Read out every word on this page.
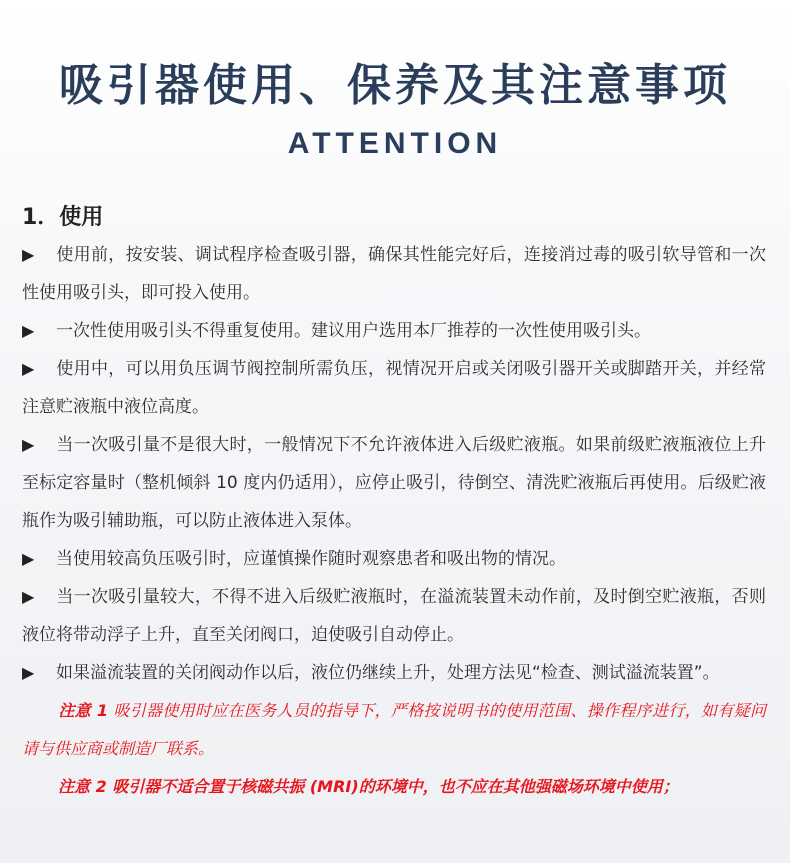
吸引器使用、保养及其注意事项
ATTENTION
1．使用
▶ 使用前，按安装、调试程序检查吸引器，确保其性能完好后，连接消过毒的吸引软导管和一次性使用吸引头，即可投入使用。
▶ 一次性使用吸引头不得重复使用。建议用户选用本厂推荐的一次性使用吸引头。
▶ 使用中，可以用负压调节阀控制所需负压，视情况开启或关闭吸引器开关或脚踏开关，并经常注意贮液瓶中液位高度。
▶ 当一次吸引量不是很大时，一般情况下不允许液体进入后级贮液瓶。如果前级贮液瓶液位上升至标定容量时（整机倾斜 10 度内仍适用），应停止吸引，待倒空、清洗贮液瓶后再使用。后级贮液瓶作为吸引辅助瓶，可以防止液体进入泵体。
▶ 当使用较高负压吸引时，应谨慎操作随时观察患者和吸出物的情况。
▶ 当一次吸引量较大，不得不进入后级贮液瓶时，在溢流装置未动作前，及时倒空贮液瓶，否则液位将带动浮子上升，直至关闭阀口，迫使吸引自动停止。
▶ 如果溢流装置的关闭阀动作以后，液位仍继续上升，处理方法见“检查、测试溢流装置”。
注意 1 吸引器使用时应在医务人员的指导下，严格按说明书的使用范围、操作程序进行，如有疑问请与供应商或制造厂联系。
注意 2 吸引器不适合置于核磁共振 (MRI)的环境中，也不应在其他强磁场环境中使用；
